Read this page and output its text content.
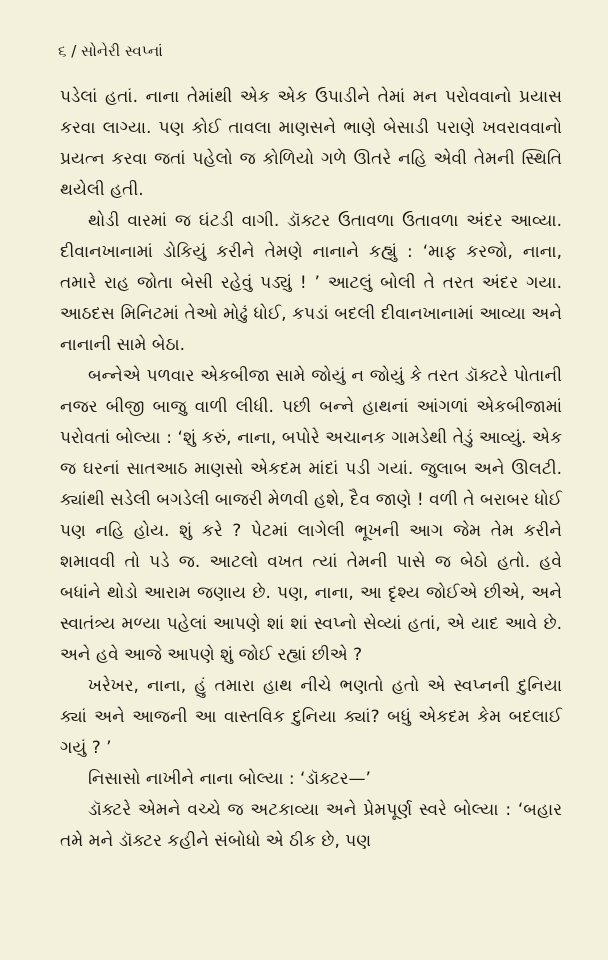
૬ / સોનેરી સ્વપ્નાં

પડેલાં હતાં. નાના તેમાંથી એક એક ઉપાડીને તેમાં મન પરોવવાનો પ્રયાસ કરવા લાગ્યા. પણ કોઈ તાવલા માણસને ભાણે બેસાડી પરાણે ખવરાવવાનો પ્રયત્ન કરવા જતાં પહેલો જ કોળિયો ગળે ઊતરે નહિ એવી તેમની સ્થિતિ થયેલી હતી.

થોડી વારમાં જ ઘંટડી વાગી. ડૉક્ટર ઉતાવળા ઉતાવળા અંદર આવ્યા. દીવાનખાનામાં ડોકિયું કરીને તેમણે નાનાને કહ્યું : ‘માફ કરજો, નાના, તમારે રાહ જોતા બેસી રહેવું પડ્યું ! ’ આટલું બોલી તે તરત અંદર ગયા. આઠદસ મિનિટમાં તેઓ મોઢું ધોઈ, કપડાં બદલી દીવાનખાનામાં આવ્યા અને નાનાની સામે બેઠા.

બન્નેએ પળવાર એકબીજા સામે જોયું ન જોયું કે તરત ડૉક્ટરે પોતાની નજર બીજી બાજુ વાળી લીધી. પછી બન્ને હાથનાં આંગળાં એકબીજામાં પરોવતાં બોલ્યા : ‘શું કરું, નાના, બપોરે અચાનક ગામડેથી તેડું આવ્યું. એક જ ઘરનાં સાતઆઠ માણસો એકદમ માંદાં પડી ગયાં. જુલાબ અને ઊલટી. ક્યાંથી સડેલી બગડેલી બાજરી મેળવી હશે, દૈવ જાણે ! વળી તે બરાબર ધોઈ પણ નહિ હોય. શું કરે ? પેટમાં લાગેલી ભૂખની આગ જેમ તેમ કરીને શમાવવી તો પડે જ. આટલો વખત ત્યાં તેમની પાસે જ બેઠો હતો. હવે બધાંને થોડો આરામ જણાય છે. પણ, નાના, આ દૃશ્ય જોઈએ છીએ, અને સ્વાતંત્ર્ય મળ્યા પહેલાં આપણે શાં શાં સ્વપ્નો સેવ્યાં હતાં, એ યાદ આવે છે. અને હવે આજે આપણે શું જોઈ રહ્યાં છીએ ?

ખરેખર, નાના, હું તમારા હાથ નીચે ભણતો હતો એ સ્વપ્નની દુનિયા ક્યાં અને આજની આ વાસ્તવિક દુનિયા ક્યાં? બધું એકદમ કેમ બદલાઈ ગયું ? ’

નિસાસો નાખીને નાના બોલ્યા : ‘ડૉક્ટર—’

ડૉક્ટરે એમને વચ્ચે જ અટકાવ્યા અને પ્રેમપૂર્ણ સ્વરે બોલ્યા : ‘બહાર તમે મને ડૉક્ટર કહીને સંબોધો એ ઠીક છે, પણ
